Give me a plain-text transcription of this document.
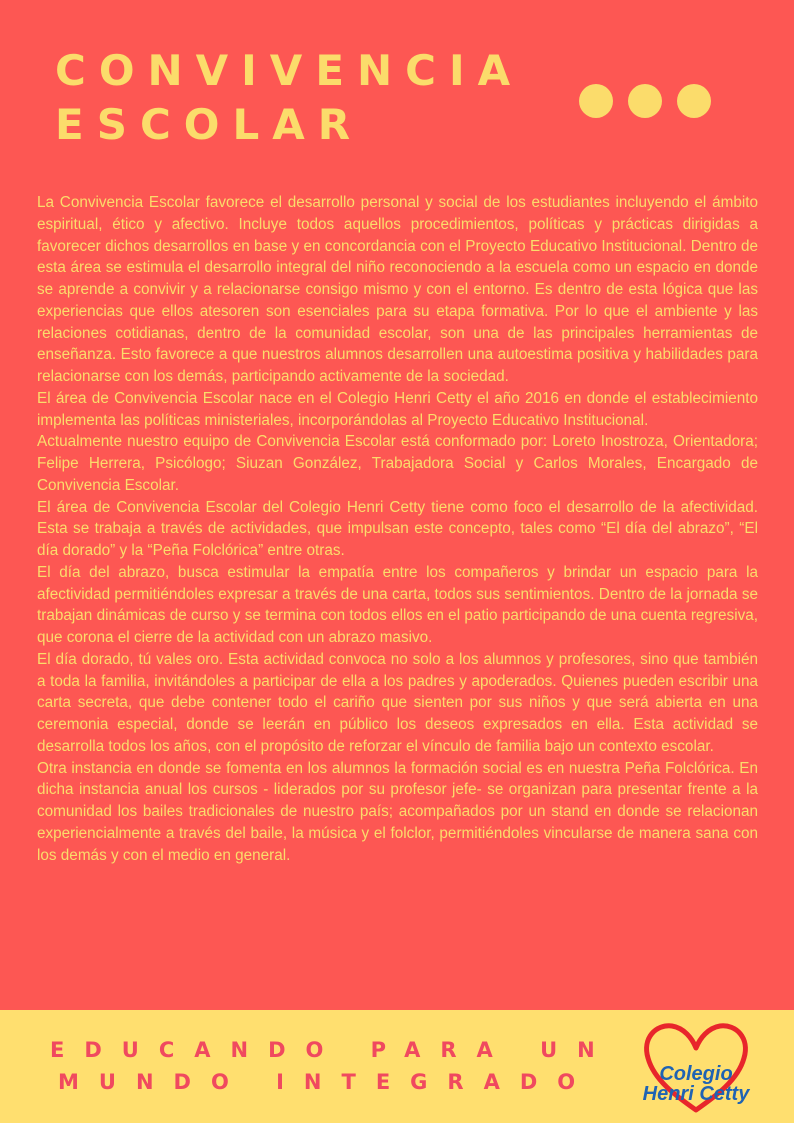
CONVIVENCIA
ESCOLAR

La Convivencia Escolar favorece el desarrollo personal y social de los estudiantes incluyendo el ámbito espiritual, ético y afectivo. Incluye todos aquellos procedimientos, políticas y prácticas dirigidas a favorecer dichos desarrollos en base y en concordancia con el Proyecto Educativo Institucional. Dentro de esta área se estimula el desarrollo integral del niño reconociendo a la escuela como un espacio en donde se aprende a convivir y a relacionarse consigo mismo y con el entorno. Es dentro de esta lógica que las experiencias que ellos atesoren son esenciales para su etapa formativa. Por lo que el ambiente y las relaciones cotidianas, dentro de la comunidad escolar, son una de las principales herramientas de enseñanza. Esto favorece a que nuestros alumnos desarrollen una autoestima positiva y habilidades para relacionarse con los demás, participando activamente de la sociedad.

El área de Convivencia Escolar nace en el Colegio Henri Cetty el año 2016 en donde el establecimiento implementa las políticas ministeriales, incorporándolas al Proyecto Educativo Institucional.

Actualmente nuestro equipo de Convivencia Escolar está conformado por: Loreto Inostroza, Orientadora; Felipe Herrera, Psicólogo; Siuzan González, Trabajadora Social y Carlos Morales, Encargado de Convivencia Escolar.

El área de Convivencia Escolar del Colegio Henri Cetty tiene como foco el desarrollo de la afectividad. Esta se trabaja a través de actividades, que impulsan este concepto, tales como “El día del abrazo”, “El día dorado” y la “Peña Folclórica” entre otras.

El día del abrazo, busca estimular la empatía entre los compañeros y brindar un espacio para la afectividad permitiéndoles expresar a través de una carta, todos sus sentimientos. Dentro de la jornada se trabajan dinámicas de curso y se termina con todos ellos en el patio participando de una cuenta regresiva, que corona el cierre de la actividad con un abrazo masivo.

El día dorado, tú vales oro. Esta actividad convoca no solo a los alumnos y profesores, sino que también a toda la familia, invitándoles a participar de ella a los padres y apoderados. Quienes pueden escribir una carta secreta, que debe contener todo el cariño que sienten por sus niños y que será abierta en una ceremonia especial, donde se leerán en público los deseos expresados en ella. Esta actividad se desarrolla todos los años, con el propósito de reforzar el vínculo de familia bajo un contexto escolar.

Otra instancia en donde se fomenta en los alumnos la formación social es en nuestra Peña Folclórica. En dicha instancia anual los cursos - liderados por su profesor jefe- se organizan para presentar frente a la comunidad los bailes tradicionales de nuestro país; acompañados por un stand en donde se relacionan experiencialmente a través del baile, la música y el folclor, permitiéndoles vincularse de manera sana con los demás y con el medio en general.

EDUCANDO PARA UN
MUNDO INTEGRADO	Colegio
Henri Cetty
